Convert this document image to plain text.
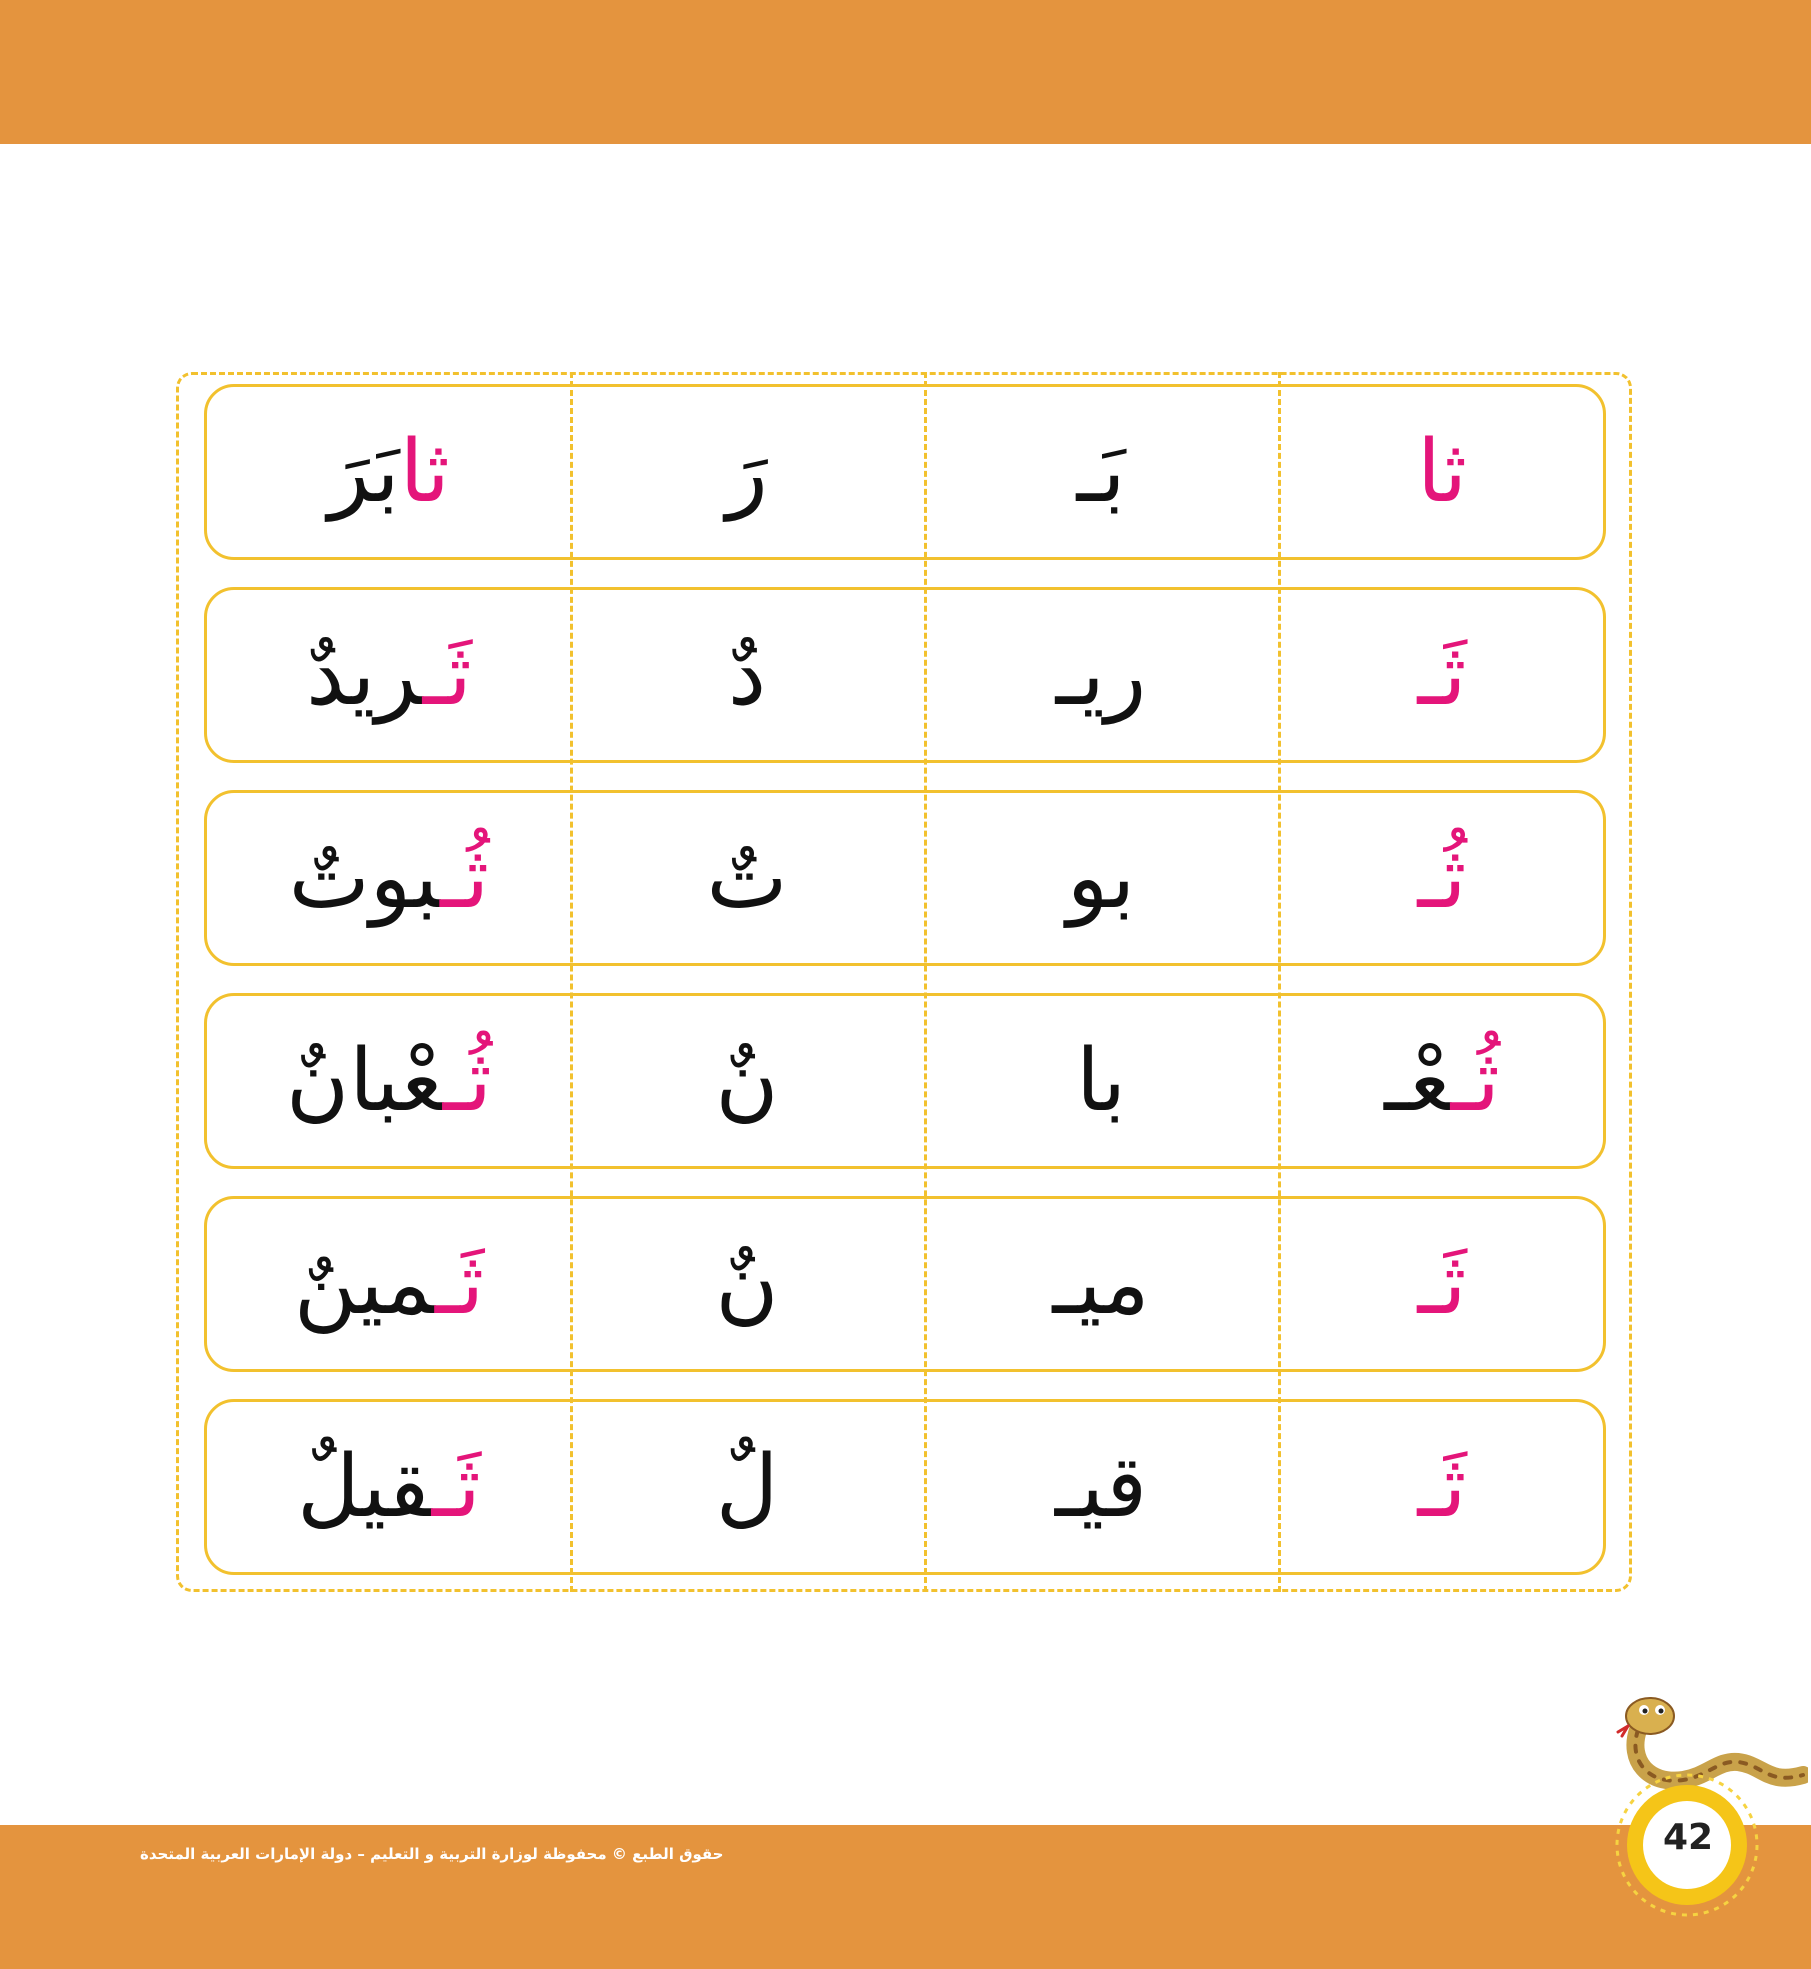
ثابَرَ	رَ	بَـ	ثا
ثَـريدٌ	دٌ	ريـ	ثَـ
ثُـبوتٌ	تٌ	بو	ثُـ
ثُـعْبانٌ	نٌ	با	ثُـعْـ
ثَـمينٌ	نٌ	ميـ	ثَـ
ثَـقيلٌ	لٌ	قيـ	ثَـ
حقوق الطبع © محفوظة لوزارة التربية و التعليم – دولة الإمارات العربية المتحدة	42
